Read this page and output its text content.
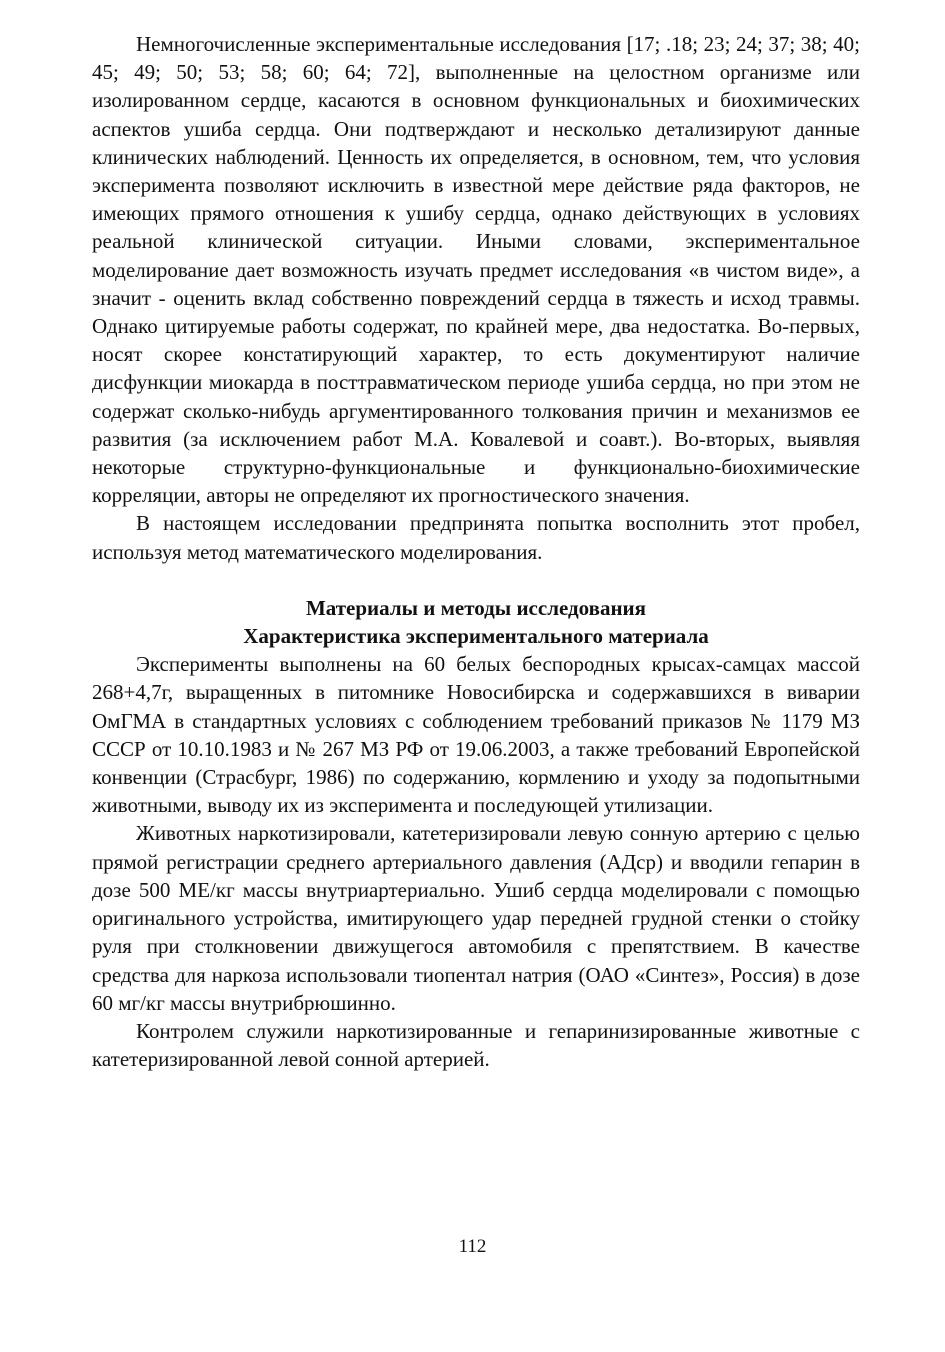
Немногочисленные экспериментальные исследования [17; .18; 23; 24; 37; 38; 40; 45; 49; 50; 53; 58; 60; 64; 72], выполненные на целостном организме или изолированном сердце, касаются в основном функциональных и биохимических аспектов ушиба сердца. Они подтверждают и несколько детализируют данные клинических наблюдений. Ценность их определяется, в основном, тем, что условия эксперимента позволяют исключить в известной мере действие ряда факторов, не имеющих прямого отношения к ушибу сердца, однако действующих в условиях реальной клинической ситуации. Иными словами, экспериментальное моделирование дает возможность изучать предмет исследования «в чистом виде», а значит - оценить вклад собственно повреждений сердца в тяжесть и исход травмы. Однако цитируемые работы содержат, по крайней мере, два недостатка. Во-первых, носят скорее констатирующий характер, то есть документируют наличие дисфункции миокарда в посттравматическом периоде ушиба сердца, но при этом не содержат сколько-нибудь аргументированного толкования причин и механизмов ее развития (за исключением работ М.А. Ковалевой и соавт.). Во-вторых, выявляя некоторые структурно-функциональные и функционально-биохимические корреляции, авторы не определяют их прогностического значения.

В настоящем исследовании предпринята попытка восполнить этот пробел, используя метод математического моделирования.

Материалы и методы исследования

Характеристика экспериментального материала

Эксперименты выполнены на 60 белых беспородных крысах-самцах массой 268+4,7г, выращенных в питомнике Новосибирска и содержавшихся в виварии ОмГМА в стандартных условиях с соблюдением требований приказов № 1179 МЗ СССР от 10.10.1983 и № 267 МЗ РФ от 19.06.2003, а также требований Европейской конвенции (Страсбург, 1986) по содержанию, кормлению и уходу за подопытными животными, выводу их из эксперимента и последующей утилизации.

Животных наркотизировали, катетеризировали левую сонную артерию с целью прямой регистрации среднего артериального давления (АДср) и вводили гепарин в дозе 500 МЕ/кг массы внутриартериально. Ушиб сердца моделировали с помощью оригинального устройства, имитирующего удар передней грудной стенки о стойку руля при столкновении движущегося автомобиля с препятствием. В качестве средства для наркоза использовали тиопентал натрия (ОАО «Синтез», Россия) в дозе 60 мг/кг массы внутрибрюшинно.

Контролем служили наркотизированные и гепаринизированные животные с катетеризированной левой сонной артерией.

112
